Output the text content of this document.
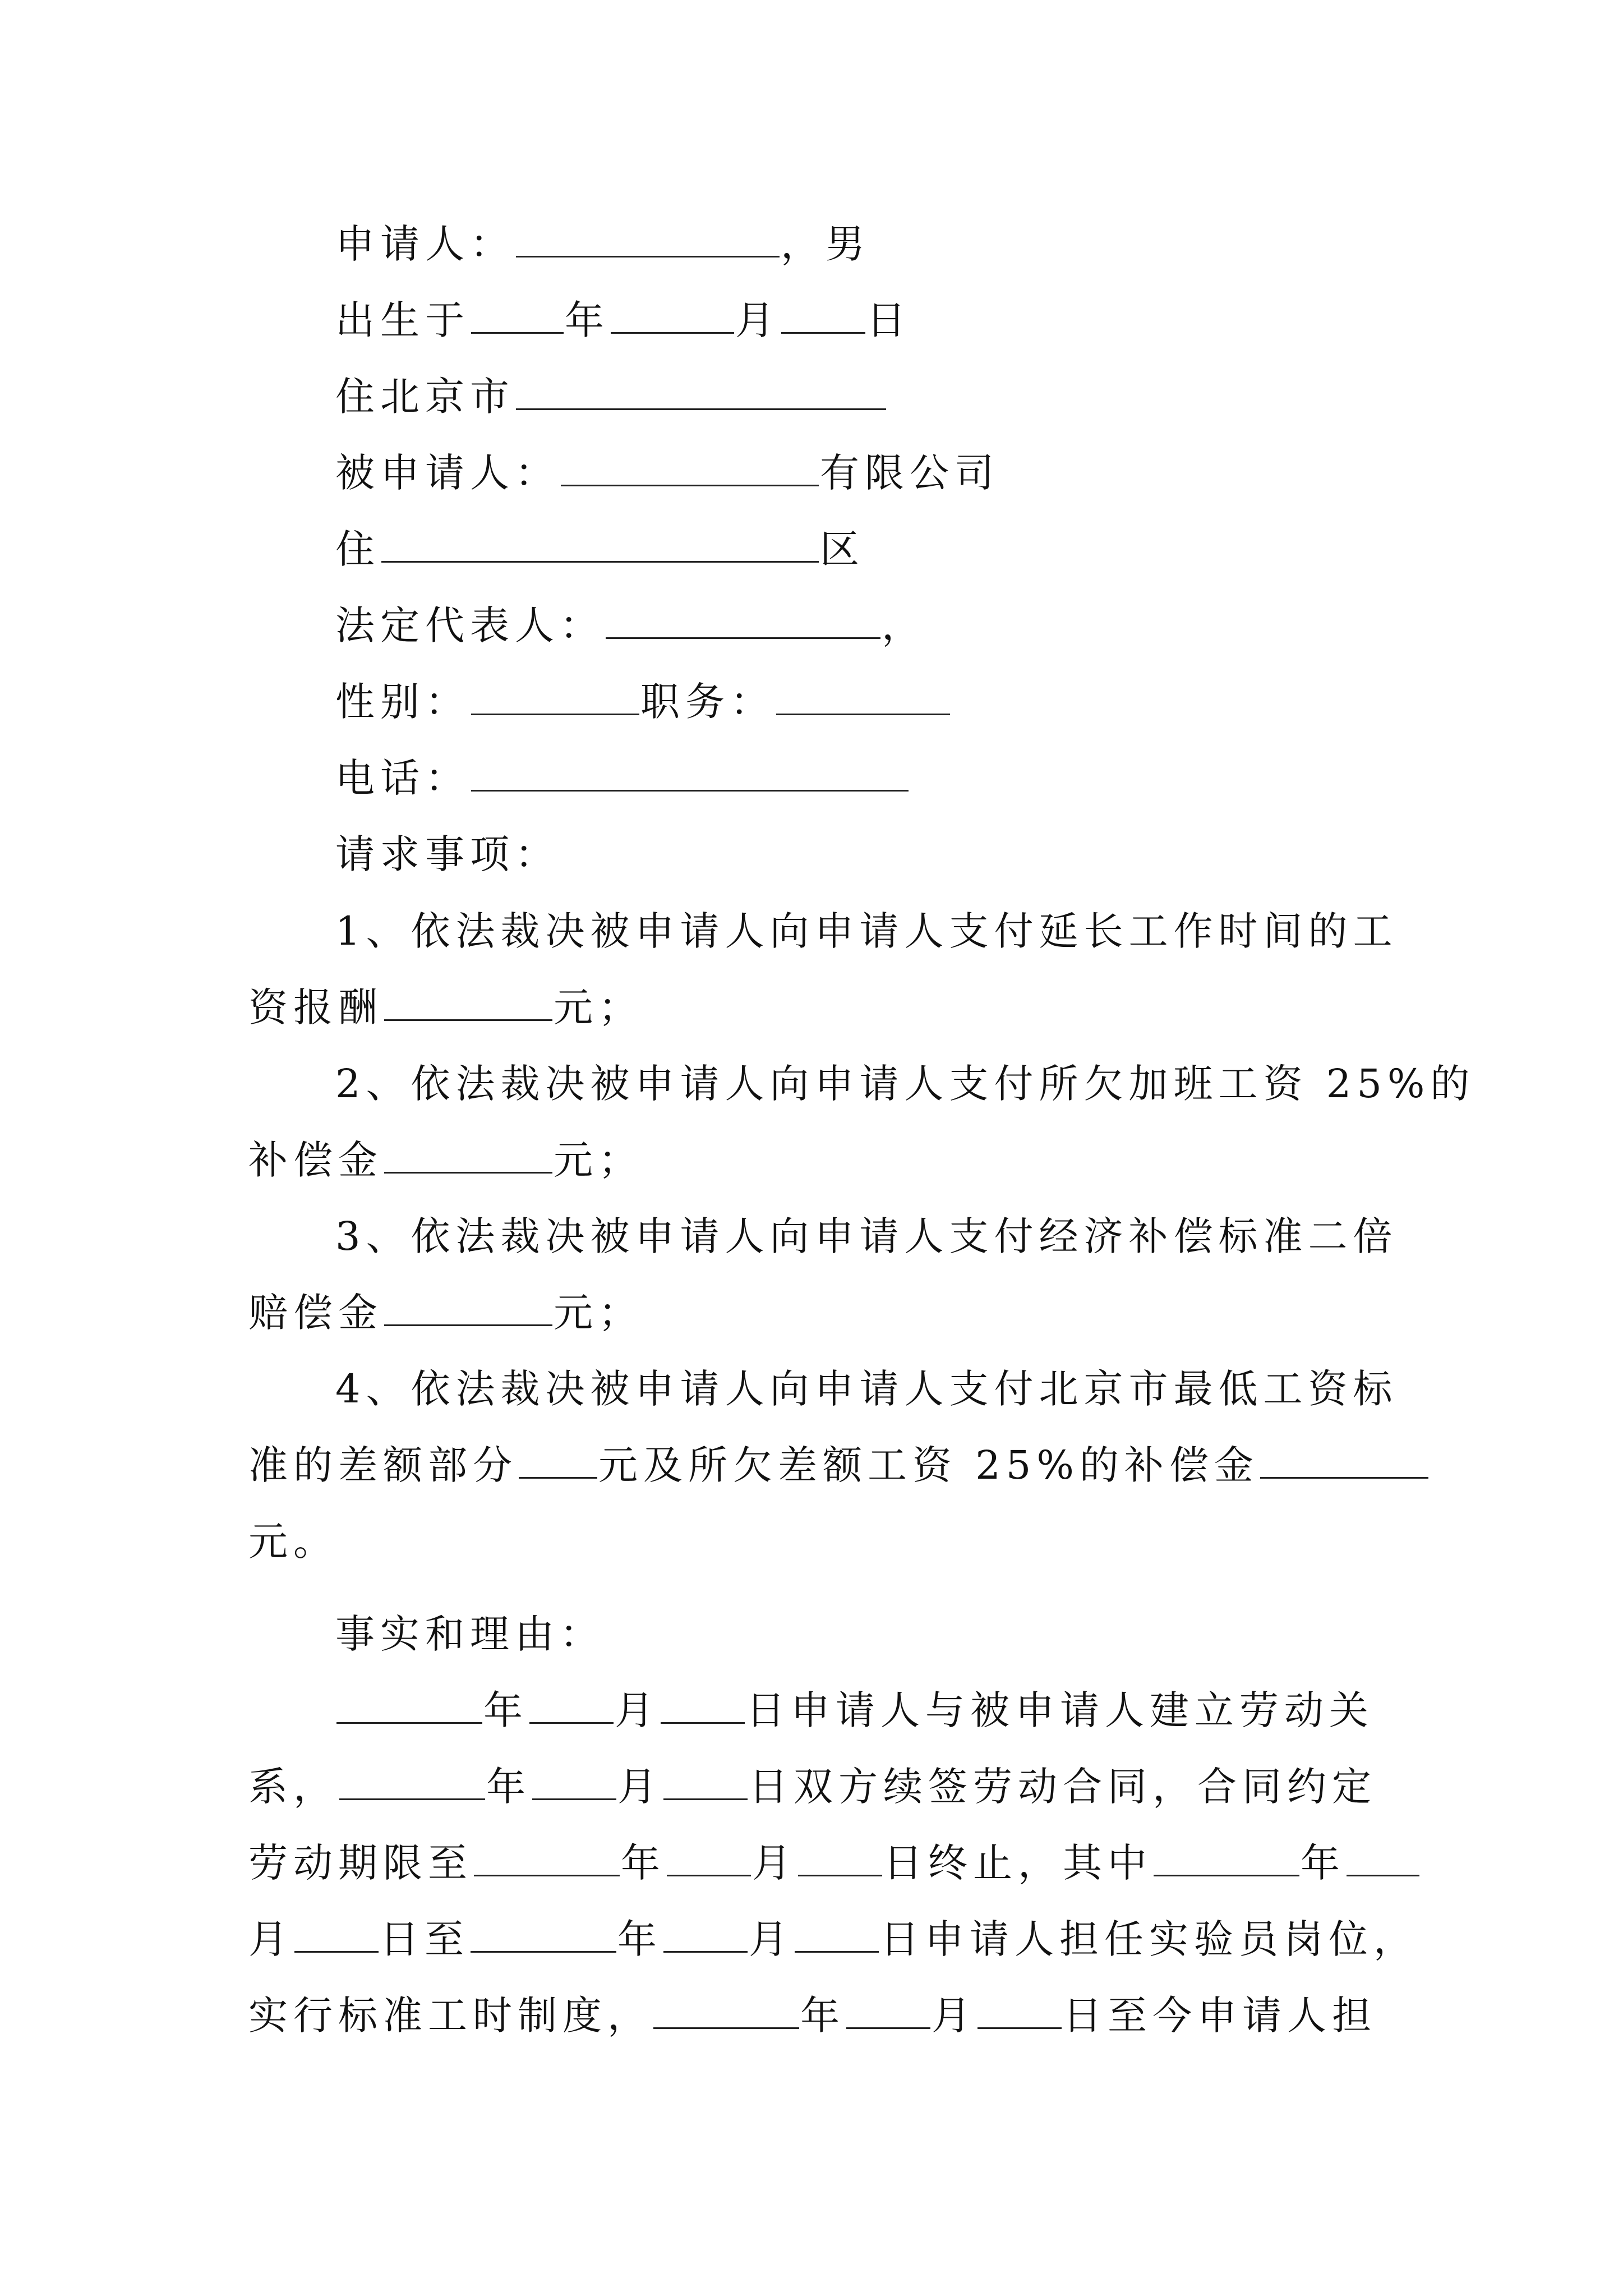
申请人：	，男
出生于 年	月 日
住北京市
被申请人：	有限公司
住	区
法定代表人：	，
性别：	职务：
电话：
请求事项：
1、依法裁决被申请人向申请人支付延长工作时间的工
资报酬	元；
2、依法裁决被申请人向申请人支付所欠加班工资 25%的
补偿金	元；
3、依法裁决被申请人向申请人支付经济补偿标准二倍
赔偿金	元；
4、依法裁决被申请人向申请人支付北京市最低工资标
准的差额部分 元及所欠差额工资 25%的补偿金
元。
事实和理由：
年 月 日申请人与被申请人建立劳动关
系，	年 月 日双方续签劳动合同，合同约定
劳动期限至	年 月 日终止，其中	年
月 日至	年 月 日申请人担任实验员岗位，
实行标准工时制度，	年 月 日至今申请人担
